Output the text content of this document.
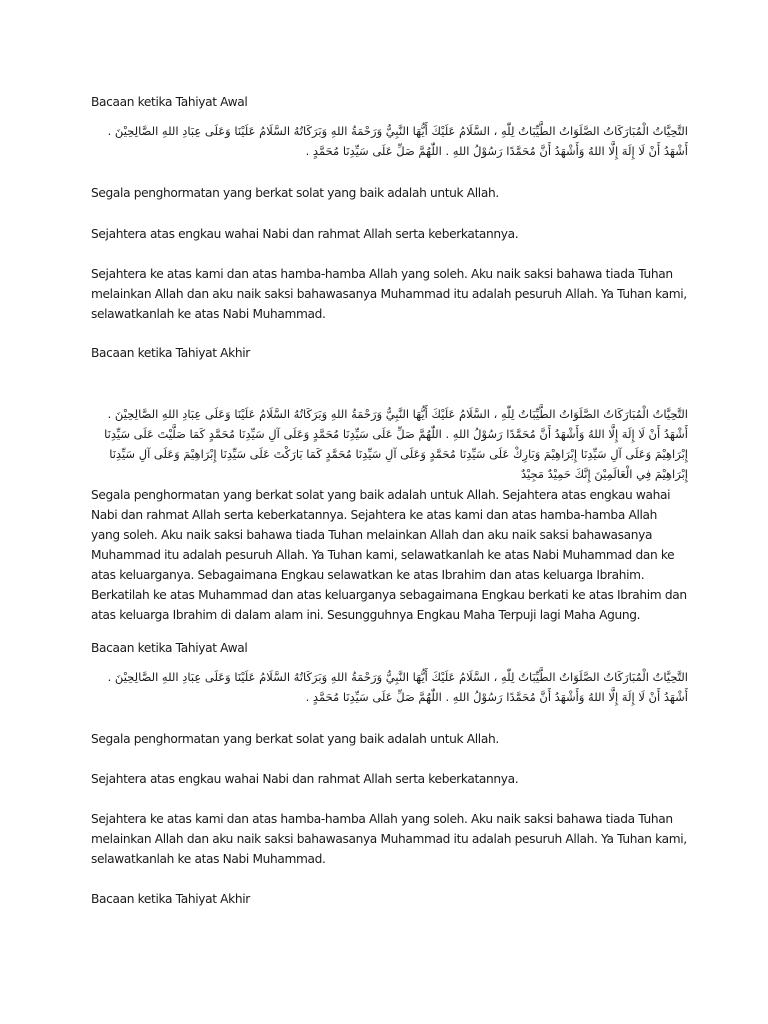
Bacaan ketika Tahiyat Awal
التَّحِيَّاتُ الْمُبَارَكَاتُ الصَّلَوَاتُ الطَّيِّبَاتُ لِلّٰهِ ، السَّلَامُ عَلَيْكَ أَيُّهَا النَّبِيُّ وَرَحْمَةُ اللهِ وَبَرَكَاتُهُ السَّلَامُ عَلَيْنَا وَعَلَى عِبَادِ اللهِ الصَّالِحِيْنَ . أَشْهَدُ أَنْ لَا إِلَهَ إِلَّا اللهُ وَأَشْهَدُ أَنَّ مُحَمَّدًا رَسُوْلُ اللهِ . اللّٰهُمَّ صَلِّ عَلَى سَيِّدِنَا مُحَمَّدٍ .
Segala penghormatan yang berkat solat yang baik adalah untuk Allah.
Sejahtera atas engkau wahai Nabi dan rahmat Allah serta keberkatannya.
Sejahtera ke atas kami dan atas hamba-hamba Allah yang soleh. Aku naik saksi bahawa tiada Tuhan melainkan Allah dan aku naik saksi bahawasanya Muhammad itu adalah pesuruh Allah. Ya Tuhan kami, selawatkanlah ke atas Nabi Muhammad.
Bacaan ketika Tahiyat Akhir
التَّحِيَّاتُ الْمُبَارَكَاتُ الصَّلَوَاتُ الطَّيِّبَاتُ لِلّٰهِ ، السَّلَامُ عَلَيْكَ أَيُّهَا النَّبِيُّ وَرَحْمَةُ اللهِ وَبَرَكَاتُهُ السَّلَامُ عَلَيْنَا وَعَلَى عِبَادِ اللهِ الصَّالِحِيْنَ . أَشْهَدُ أَنْ لَا إِلَهَ إِلَّا اللهُ وَأَشْهَدُ أَنَّ مُحَمَّدًا رَسُوْلُ اللهِ . اللّٰهُمَّ صَلِّ عَلَى سَيِّدِنَا مُحَمَّدٍ وَعَلَى آلِ سَيِّدِنَا مُحَمَّدٍ كَمَا صَلَّيْتَ عَلَى سَيِّدِنَا إِبْرَاهِيْمَ وَعَلَى آلِ سَيِّدِنَا إِبْرَاهِيْمَ وَبَارِكْ عَلَى سَيِّدِنَا مُحَمَّدٍ وَعَلَى آلِ سَيِّدِنَا مُحَمَّدٍ كَمَا بَارَكْتَ عَلَى سَيِّدِنَا إِبْرَاهِيْمَ وَعَلَى آلِ سَيِّدِنَا إِبْرَاهِيْمَ فِي الْعَالَمِيْنَ إِنَّكَ حَمِيْدٌ مَجِيْدٌ
Segala penghormatan yang berkat solat yang baik adalah untuk Allah. Sejahtera atas engkau wahai Nabi dan rahmat Allah serta keberkatannya. Sejahtera ke atas kami dan atas hamba-hamba Allah yang soleh. Aku naik saksi bahawa tiada Tuhan melainkan Allah dan aku naik saksi bahawasanya Muhammad itu adalah pesuruh Allah. Ya Tuhan kami, selawatkanlah ke atas Nabi Muhammad dan ke atas keluarganya. Sebagaimana Engkau selawatkan ke atas Ibrahim dan atas keluarga Ibrahim. Berkatilah ke atas Muhammad dan atas keluarganya sebagaimana Engkau berkati ke atas Ibrahim dan atas keluarga Ibrahim di dalam alam ini. Sesungguhnya Engkau Maha Terpuji lagi Maha Agung.
Bacaan ketika Tahiyat Awal
التَّحِيَّاتُ الْمُبَارَكَاتُ الصَّلَوَاتُ الطَّيِّبَاتُ لِلّٰهِ ، السَّلَامُ عَلَيْكَ أَيُّهَا النَّبِيُّ وَرَحْمَةُ اللهِ وَبَرَكَاتُهُ السَّلَامُ عَلَيْنَا وَعَلَى عِبَادِ اللهِ الصَّالِحِيْنَ . أَشْهَدُ أَنْ لَا إِلَهَ إِلَّا اللهُ وَأَشْهَدُ أَنَّ مُحَمَّدًا رَسُوْلُ اللهِ . اللّٰهُمَّ صَلِّ عَلَى سَيِّدِنَا مُحَمَّدٍ .
Segala penghormatan yang berkat solat yang baik adalah untuk Allah.
Sejahtera atas engkau wahai Nabi dan rahmat Allah serta keberkatannya.
Sejahtera ke atas kami dan atas hamba-hamba Allah yang soleh. Aku naik saksi bahawa tiada Tuhan melainkan Allah dan aku naik saksi bahawasanya Muhammad itu adalah pesuruh Allah. Ya Tuhan kami, selawatkanlah ke atas Nabi Muhammad.
Bacaan ketika Tahiyat Akhir
